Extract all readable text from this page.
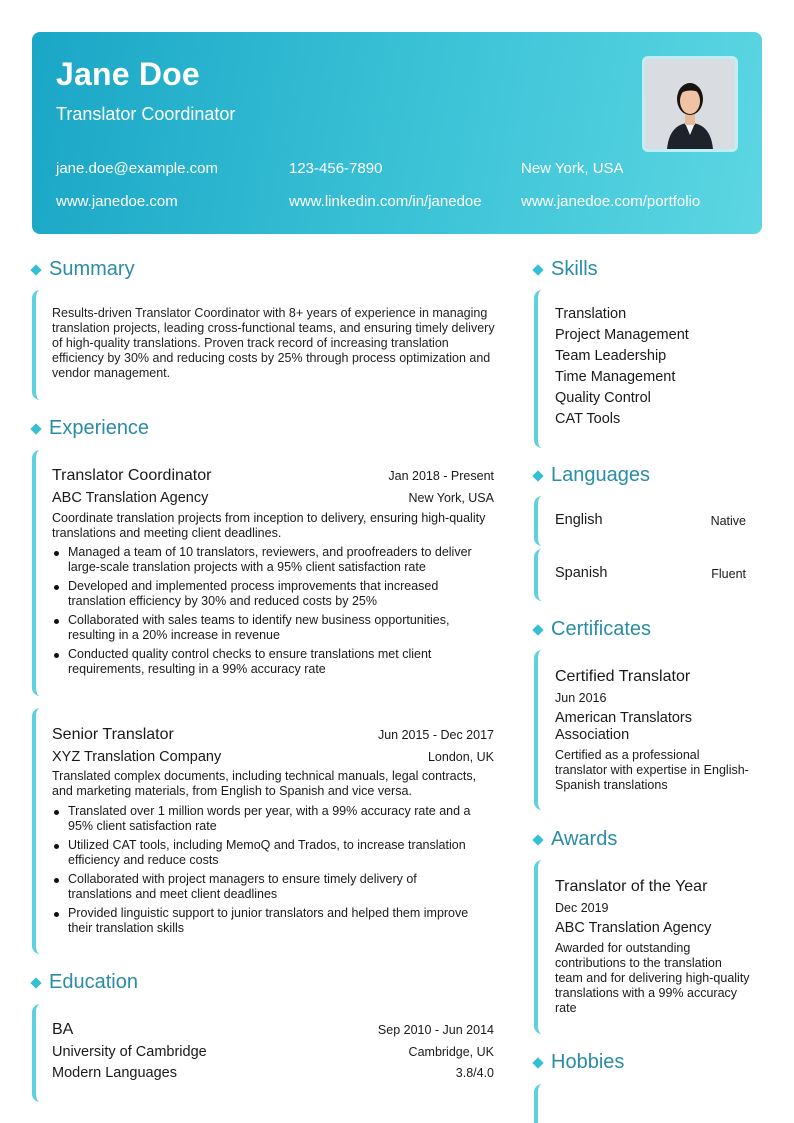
Jane Doe
Translator Coordinator
jane.doe@example.com	123-456-7890	New York, USA
www.janedoe.com	www.linkedin.com/in/janedoe	www.janedoe.com/portfolio
Summary
Results-driven Translator Coordinator with 8+ years of experience in managing translation projects, leading cross-functional teams, and ensuring timely delivery of high-quality translations. Proven track record of increasing translation efficiency by 30% and reducing costs by 25% through process optimization and vendor management.
Experience
Translator Coordinator	Jan 2018 - Present
ABC Translation Agency	New York, USA
Coordinate translation projects from inception to delivery, ensuring high-quality translations and meeting client deadlines.
Managed a team of 10 translators, reviewers, and proofreaders to deliver large-scale translation projects with a 95% client satisfaction rate
Developed and implemented process improvements that increased translation efficiency by 30% and reduced costs by 25%
Collaborated with sales teams to identify new business opportunities, resulting in a 20% increase in revenue
Conducted quality control checks to ensure translations met client requirements, resulting in a 99% accuracy rate
Senior Translator	Jun 2015 - Dec 2017
XYZ Translation Company	London, UK
Translated complex documents, including technical manuals, legal contracts, and marketing materials, from English to Spanish and vice versa.
Translated over 1 million words per year, with a 99% accuracy rate and a 95% client satisfaction rate
Utilized CAT tools, including MemoQ and Trados, to increase translation efficiency and reduce costs
Collaborated with project managers to ensure timely delivery of translations and meet client deadlines
Provided linguistic support to junior translators and helped them improve their translation skills
Education
BA	Sep 2010 - Jun 2014
University of Cambridge	Cambridge, UK
Modern Languages	3.8/4.0
Skills
Translation
Project Management
Team Leadership
Time Management
Quality Control
CAT Tools
Languages
English	Native
Spanish	Fluent
Certificates
Certified Translator
Jun 2016
American Translators Association
Certified as a professional translator with expertise in English-Spanish translations
Awards
Translator of the Year
Dec 2019
ABC Translation Agency
Awarded for outstanding contributions to the translation team and for delivering high-quality translations with a 99% accuracy rate
Hobbies
